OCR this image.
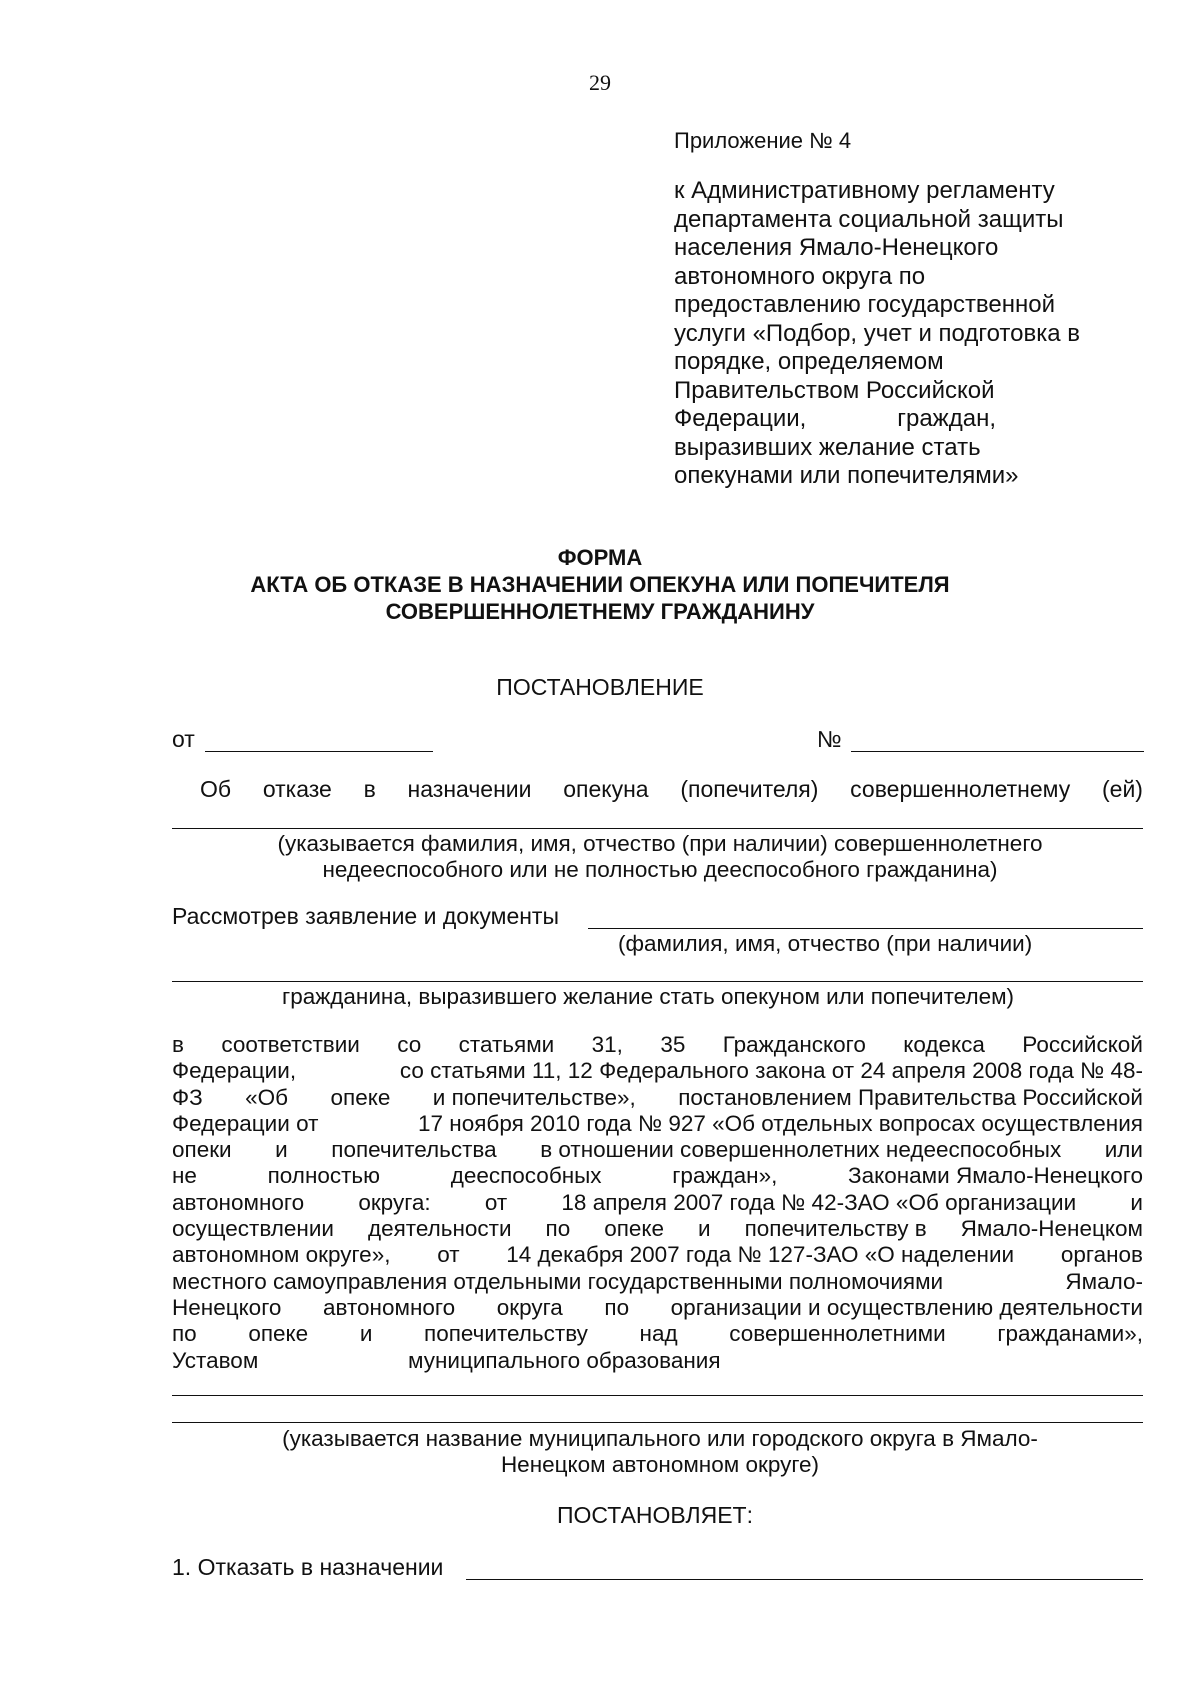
29
Приложение № 4
к Административному регламенту
департамента социальной защиты
населения Ямало-Ненецкого
автономного округа по
предоставлению государственной
услуги «Подбор, учет и подготовка в
порядке, определяемом
Правительством Российской
Федерации,	граждан,
выразивших желание стать
опекунами или попечителями»
ФОРМА
АКТА ОБ ОТКАЗЕ В НАЗНАЧЕНИИ ОПЕКУНА ИЛИ ПОПЕЧИТЕЛЯ
СОВЕРШЕННОЛЕТНЕМУ ГРАЖДАНИНУ
ПОСТАНОВЛЕНИЕ
от	№
Об отказе в назначении опекуна (попечителя) совершеннолетнему (ей)
(указывается фамилия, имя, отчество (при наличии) совершеннолетнего
недееспособного или не полностью дееспособного гражданина)
Рассмотрев заявление и документы
(фамилия, имя, отчество (при наличии)
гражданина, выразившего желание стать опекуном или попечителем)
в соответствии со статьями 31, 35 Гражданского кодекса Российской
Федерации,	со статьями 11, 12 Федерального закона от 24 апреля 2008 года № 48-
ФЗ «Об опеке и попечительстве», постановлением Правительства Российской
Федерации от	17 ноября 2010 года № 927 «Об отдельных вопросах осуществления
опеки и попечительства в отношении совершеннолетних недееспособных или
не	полностью	дееспособных	граждан»,	Законами Ямало-Ненецкого
автономного округа: от 18 апреля 2007 года № 42-ЗАО «Об организации и
осуществлении деятельности по опеке и попечительству в Ямало-Ненецком
автономном округе», от 14 декабря 2007 года № 127-ЗАО «О наделении органов
местного самоуправления отдельными государственными полномочиями	Ямало-
Ненецкого автономного округа по организации и осуществлению деятельности
по опеке и попечительству над совершеннолетними гражданами»,
Уставом	муниципального образования
(указывается название муниципального или городского округа в Ямало-
Ненецком автономном округе)
ПОСТАНОВЛЯЕТ:
1. Отказать в назначении
